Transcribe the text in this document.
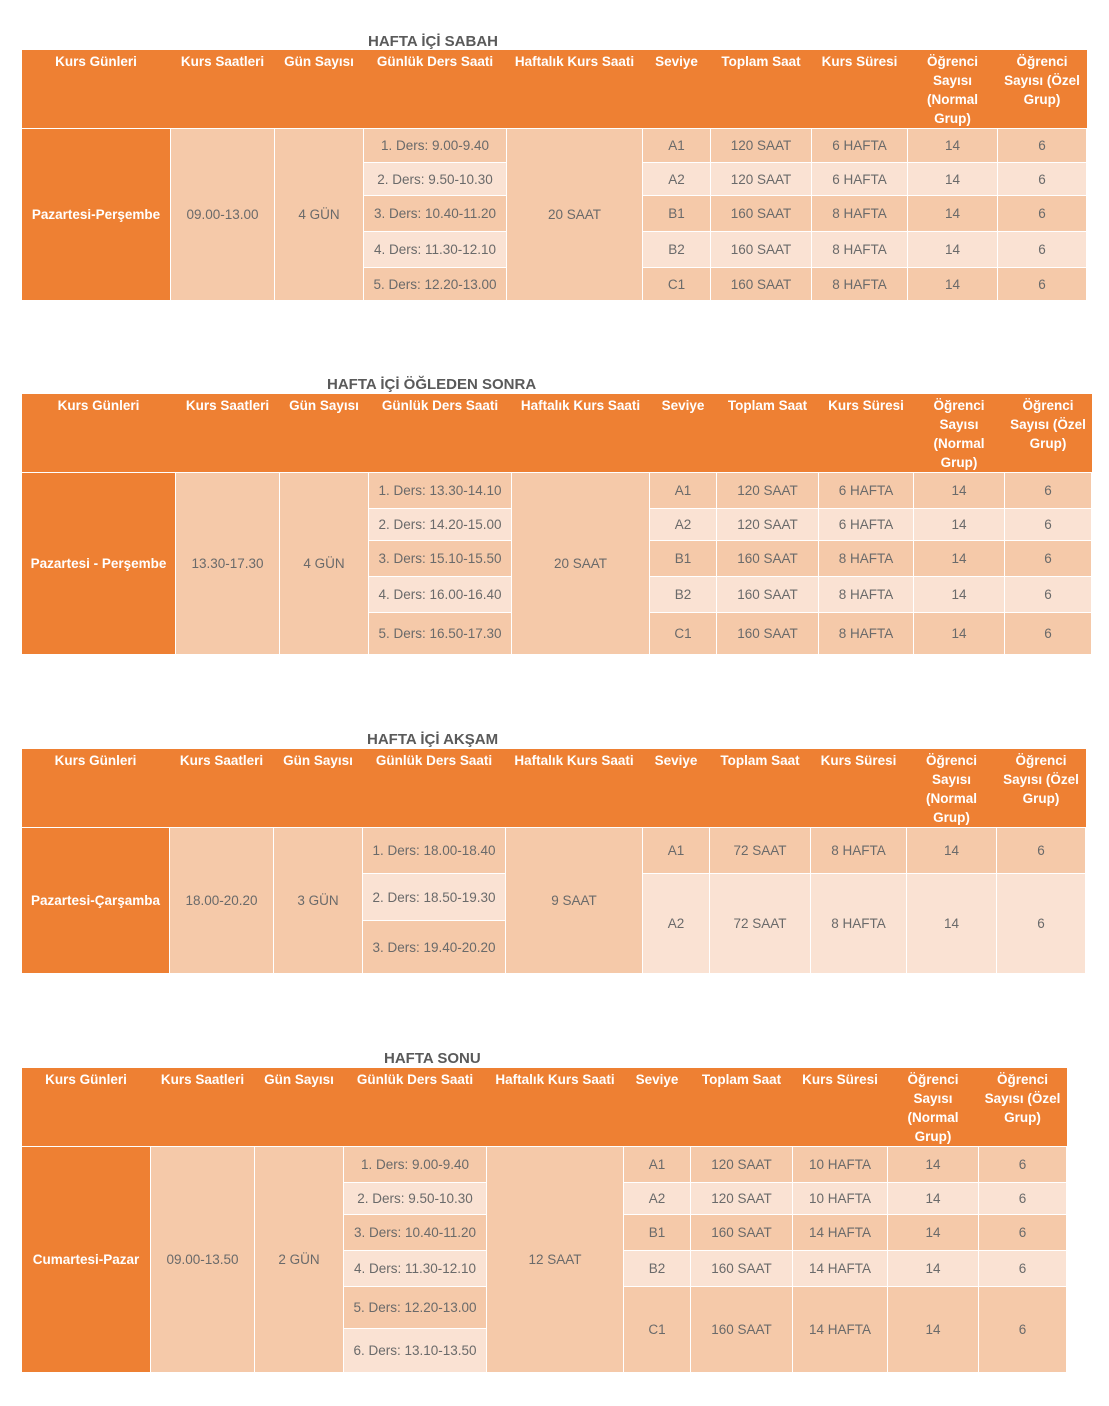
HAFTA İÇİ SABAH
Kurs Günleri	Kurs Saatleri	Gün Sayısı	Günlük Ders Saati	Haftalık Kurs Saati	Seviye	Toplam Saat	Kurs Süresi	Öğrenci Sayısı (Normal Grup)	Öğrenci Sayısı (Özel Grup)
Pazartesi-Perşembe	09.00-13.00	4 GÜN	1. Ders: 9.00-9.40	20 SAAT	A1	120 SAAT	6 HAFTA	14	6
			2. Ders: 9.50-10.30		A2	120 SAAT	6 HAFTA	14	6
			3. Ders: 10.40-11.20		B1	160 SAAT	8 HAFTA	14	6
			4. Ders: 11.30-12.10		B2	160 SAAT	8 HAFTA	14	6
			5. Ders: 12.20-13.00		C1	160 SAAT	8 HAFTA	14	6
HAFTA İÇİ ÖĞLEDEN SONRA
Kurs Günleri	Kurs Saatleri	Gün Sayısı	Günlük Ders Saati	Haftalık Kurs Saati	Seviye	Toplam Saat	Kurs Süresi	Öğrenci Sayısı (Normal Grup)	Öğrenci Sayısı (Özel Grup)
Pazartesi - Perşembe	13.30-17.30	4 GÜN	1. Ders: 13.30-14.10	20 SAAT	A1	120 SAAT	6 HAFTA	14	6
			2. Ders: 14.20-15.00		A2	120 SAAT	6 HAFTA	14	6
			3. Ders: 15.10-15.50		B1	160 SAAT	8 HAFTA	14	6
			4. Ders: 16.00-16.40		B2	160 SAAT	8 HAFTA	14	6
			5. Ders: 16.50-17.30		C1	160 SAAT	8 HAFTA	14	6
HAFTA İÇİ AKŞAM
Kurs Günleri	Kurs Saatleri	Gün Sayısı	Günlük Ders Saati	Haftalık Kurs Saati	Seviye	Toplam Saat	Kurs Süresi	Öğrenci Sayısı (Normal Grup)	Öğrenci Sayısı (Özel Grup)
Pazartesi-Çarşamba	18.00-20.20	3 GÜN	1. Ders: 18.00-18.40	9 SAAT	A1	72 SAAT	8 HAFTA	14	6
			2. Ders: 18.50-19.30		A2	72 SAAT	8 HAFTA	14	6
			3. Ders: 19.40-20.20						
HAFTA SONU
Kurs Günleri	Kurs Saatleri	Gün Sayısı	Günlük Ders Saati	Haftalık Kurs Saati	Seviye	Toplam Saat	Kurs Süresi	Öğrenci Sayısı (Normal Grup)	Öğrenci Sayısı (Özel Grup)
Cumartesi-Pazar	09.00-13.50	2 GÜN	1. Ders: 9.00-9.40	12 SAAT	A1	120 SAAT	10 HAFTA	14	6
			2. Ders: 9.50-10.30		A2	120 SAAT	10 HAFTA	14	6
			3. Ders: 10.40-11.20		B1	160 SAAT	14 HAFTA	14	6
			4. Ders: 11.30-12.10		B2	160 SAAT	14 HAFTA	14	6
			5. Ders: 12.20-13.00		C1	160 SAAT	14 HAFTA	14	6
			6. Ders: 13.10-13.50						
